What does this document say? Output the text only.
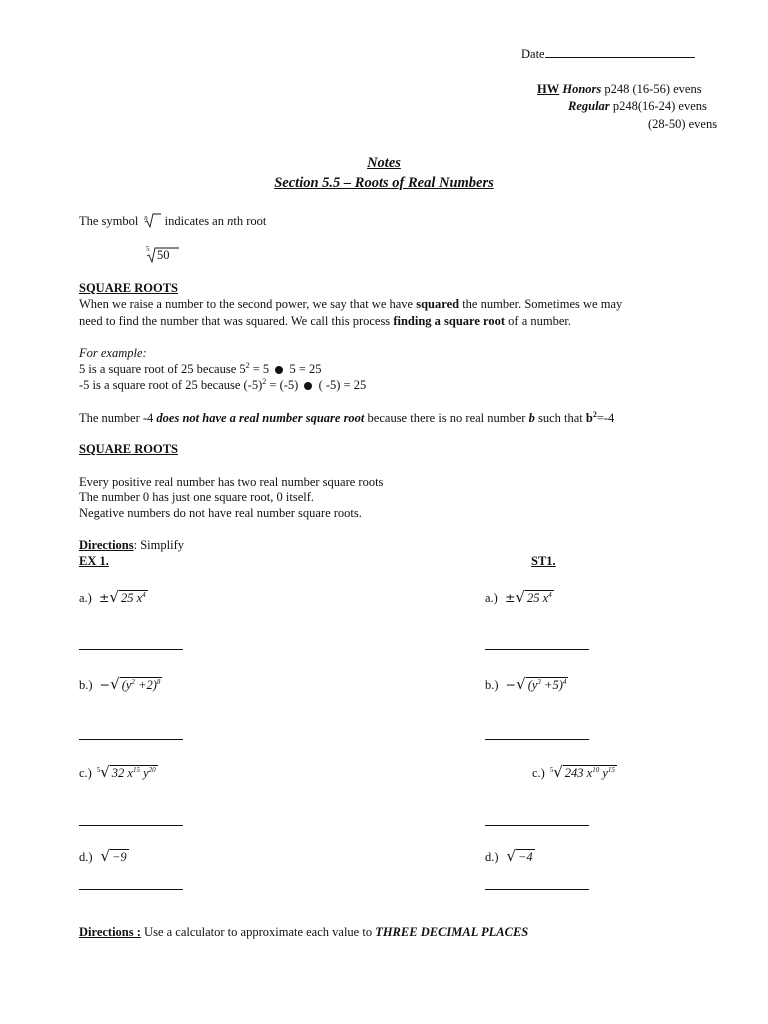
Date
HW Honors p248 (16-56) evens
Regular p248(16-24) evens
(28-50) evens
Notes
Section 5.5 – Roots of Real Numbers
The symbol n indicates an nth root
5 50
SQUARE ROOTS
When we raise a number to the second power, we say that we have squared the number. Sometimes we may
need to find the number that was squared. We call this process finding a square root of a number.
For example:
5 is a square root of 25 because $5^2 = 5$  5 = 25
-5 is a square root of 25 because $(-5)^2 = (-5)$  ( -5) = 25
The number -4 does not have a real number square root because there is no real number b such that $b^2=-4$
SQUARE ROOTS
Every positive real number has two real number square roots
The number 0 has just one square root, 0 itself.
Negative numbers do not have real number square roots.
Directions: Simplify
EX 1.	ST1.
a.)  ±√ 25 $x^4$
b.)  −√ $(y^2 +2)^8$
c.)  $^5$√ 32 $x^{15}$ $y^{20}$
d.)  √ −9
a.)  ±√ 25 $x^4$
b.)  −√ $(y^3 +5)^4$
c.)  $^5$√ 243 $x^{10}$ $y^{15}$
d.)  √ −4
Directions : Use a calculator to approximate each value to THREE DECIMAL PLACES
